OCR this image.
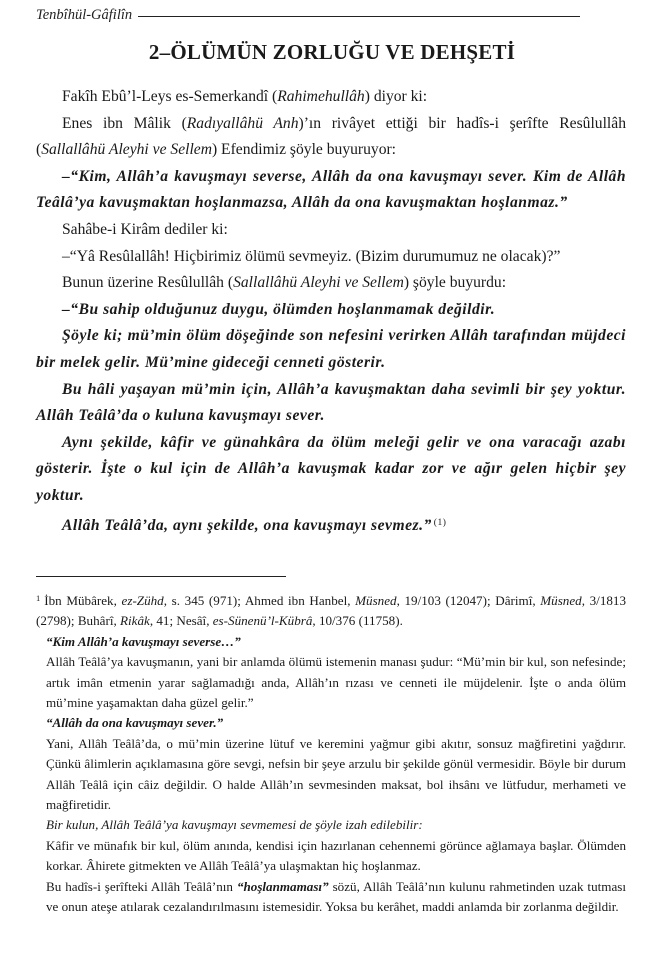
Tenbîhül-Gâfilîn
2–ÖLÜMÜN ZORLUĞU VE DEHŞETİ

Fakîh Ebû’l-Leys es-Semerkandî (Rahimehullâh) diyor ki:

Enes ibn Mâlik (Radıyallâhü Anh)’ın rivâyet ettiği bir hadîs-i şerîfte Resûlullâh (Sallallâhü Aleyhi ve Sellem) Efendimiz şöyle buyuruyor:

–“Kim, Allâh’a kavuşmayı severse, Allâh da ona kavuşmayı sever. Kim de Allâh Teâlâ’ya kavuşmaktan hoşlanmazsa, Allâh da ona kavuşmaktan hoşlanmaz.”

Sahâbe-i Kirâm dediler ki:

–“Yâ Resûlallâh! Hiçbirimiz ölümü sevmeyiz. (Bizim durumumuz ne olacak)?”

Bunun üzerine Resûlullâh (Sallallâhü Aleyhi ve Sellem) şöyle buyurdu:

–“Bu sahip olduğunuz duygu, ölümden hoşlanmamak değildir.

Şöyle ki; mü’min ölüm döşeğinde son nefesini verirken Allâh tarafından müjdeci bir melek gelir. Mü’mine gideceği cenneti gösterir.

Bu hâli yaşayan mü’min için, Allâh’a kavuşmaktan daha sevimli bir şey yoktur. Allâh Teâlâ’da o kuluna kavuşmayı sever.

Aynı şekilde, kâfir ve günahkâra da ölüm meleği gelir ve ona varacağı azabı gösterir. İşte o kul için de Allâh’a kavuşmak kadar zor ve ağır gelen hiçbir şey yoktur.

Allâh Teâlâ’da, aynı şekilde, ona kavuşmayı sevmez.” $^{(1)}$

$^1$ İbn Mübârek, ez-Zühd, s. 345 (971); Ahmed ibn Hanbel, Müsned, 19/103 (12047); Dârimî, Müsned, 3/1813 (2798); Buhârî, Rikâk, 41; Nesâî, es-Sünenü’l-Kübrâ, 10/376 (11758).

“Kim Allâh’a kavuşmayı severse…”

Allâh Teâlâ’ya kavuşmanın, yani bir anlamda ölümü istemenin manası şudur: “Mü’min bir kul, son nefesinde; artık imân etmenin yarar sağlamadığı anda, Allâh’ın rızası ve cenneti ile müjdelenir. İşte o anda ölüm mü’mine yaşamaktan daha güzel gelir.”

“Allâh da ona kavuşmayı sever.”

Yani, Allâh Teâlâ’da, o mü’min üzerine lütuf ve keremini yağmur gibi akıtır, sonsuz mağfiretini yağdırır. Çünkü âlimlerin açıklamasına göre sevgi, nefsin bir şeye arzulu bir şekilde gönül vermesidir. Böyle bir durum Allâh Teâlâ için câiz değildir. O halde Allâh’ın sevmesinden maksat, bol ihsânı ve lütfudur, merhameti ve mağfiretidir.

Bir kulun, Allâh Teâlâ’ya kavuşmayı sevmemesi de şöyle izah edilebilir:

Kâfir ve münafık bir kul, ölüm anında, kendisi için hazırlanan cehennemi görünce ağlamaya başlar. Ölümden korkar. Âhirete gitmekten ve Allâh Teâlâ’ya ulaşmaktan hiç hoşlanmaz.

Bu hadîs-i şerîfteki Allâh Teâlâ’nın “hoşlanmaması” sözü, Allâh Teâlâ’nın kulunu rahmetinden uzak tutması ve onun ateşe atılarak cezalandırılmasını istemesidir. Yoksa bu kerâhet, maddi anlamda bir zorlanma değildir.
